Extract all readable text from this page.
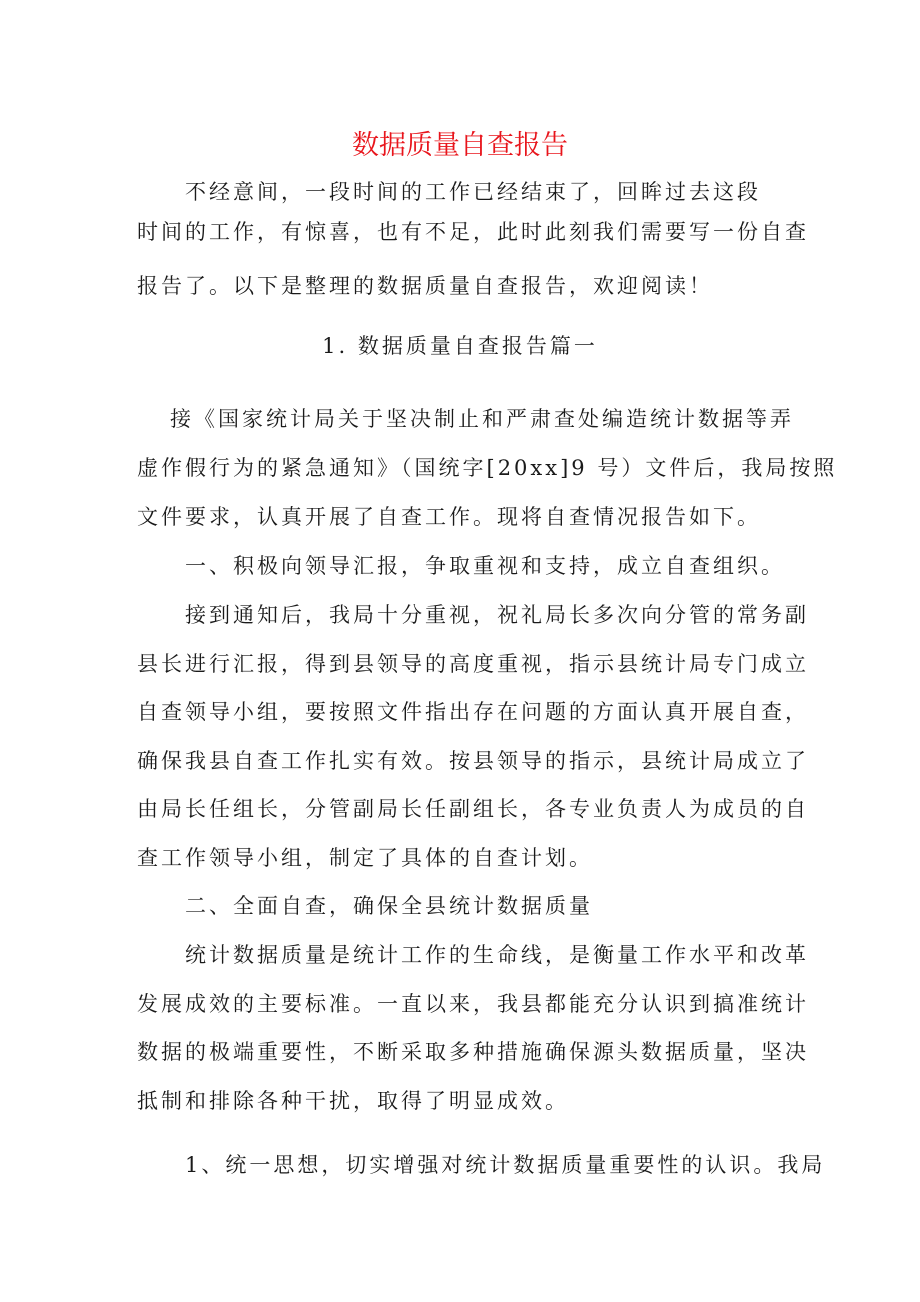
数据质量自查报告
不经意间，一段时间的工作已经结束了，回眸过去这段
时间的工作，有惊喜，也有不足，此时此刻我们需要写一份自查
报告了。以下是整理的数据质量自查报告，欢迎阅读！
1. 数据质量自查报告篇一
接《国家统计局关于坚决制止和严肃查处编造统计数据等弄
虚作假行为的紧急通知》（国统字[20xx]9 号）文件后，我局按照
文件要求，认真开展了自查工作。现将自查情况报告如下。
一、积极向领导汇报，争取重视和支持，成立自查组织。
接到通知后，我局十分重视，祝礼局长多次向分管的常务副
县长进行汇报，得到县领导的高度重视，指示县统计局专门成立
自查领导小组，要按照文件指出存在问题的方面认真开展自查，
确保我县自查工作扎实有效。按县领导的指示，县统计局成立了
由局长任组长，分管副局长任副组长，各专业负责人为成员的自
查工作领导小组，制定了具体的自查计划。
二、全面自查，确保全县统计数据质量
统计数据质量是统计工作的生命线，是衡量工作水平和改革
发展成效的主要标准。一直以来，我县都能充分认识到搞准统计
数据的极端重要性，不断采取多种措施确保源头数据质量，坚决
抵制和排除各种干扰，取得了明显成效。
1、统一思想，切实增强对统计数据质量重要性的认识。我局
